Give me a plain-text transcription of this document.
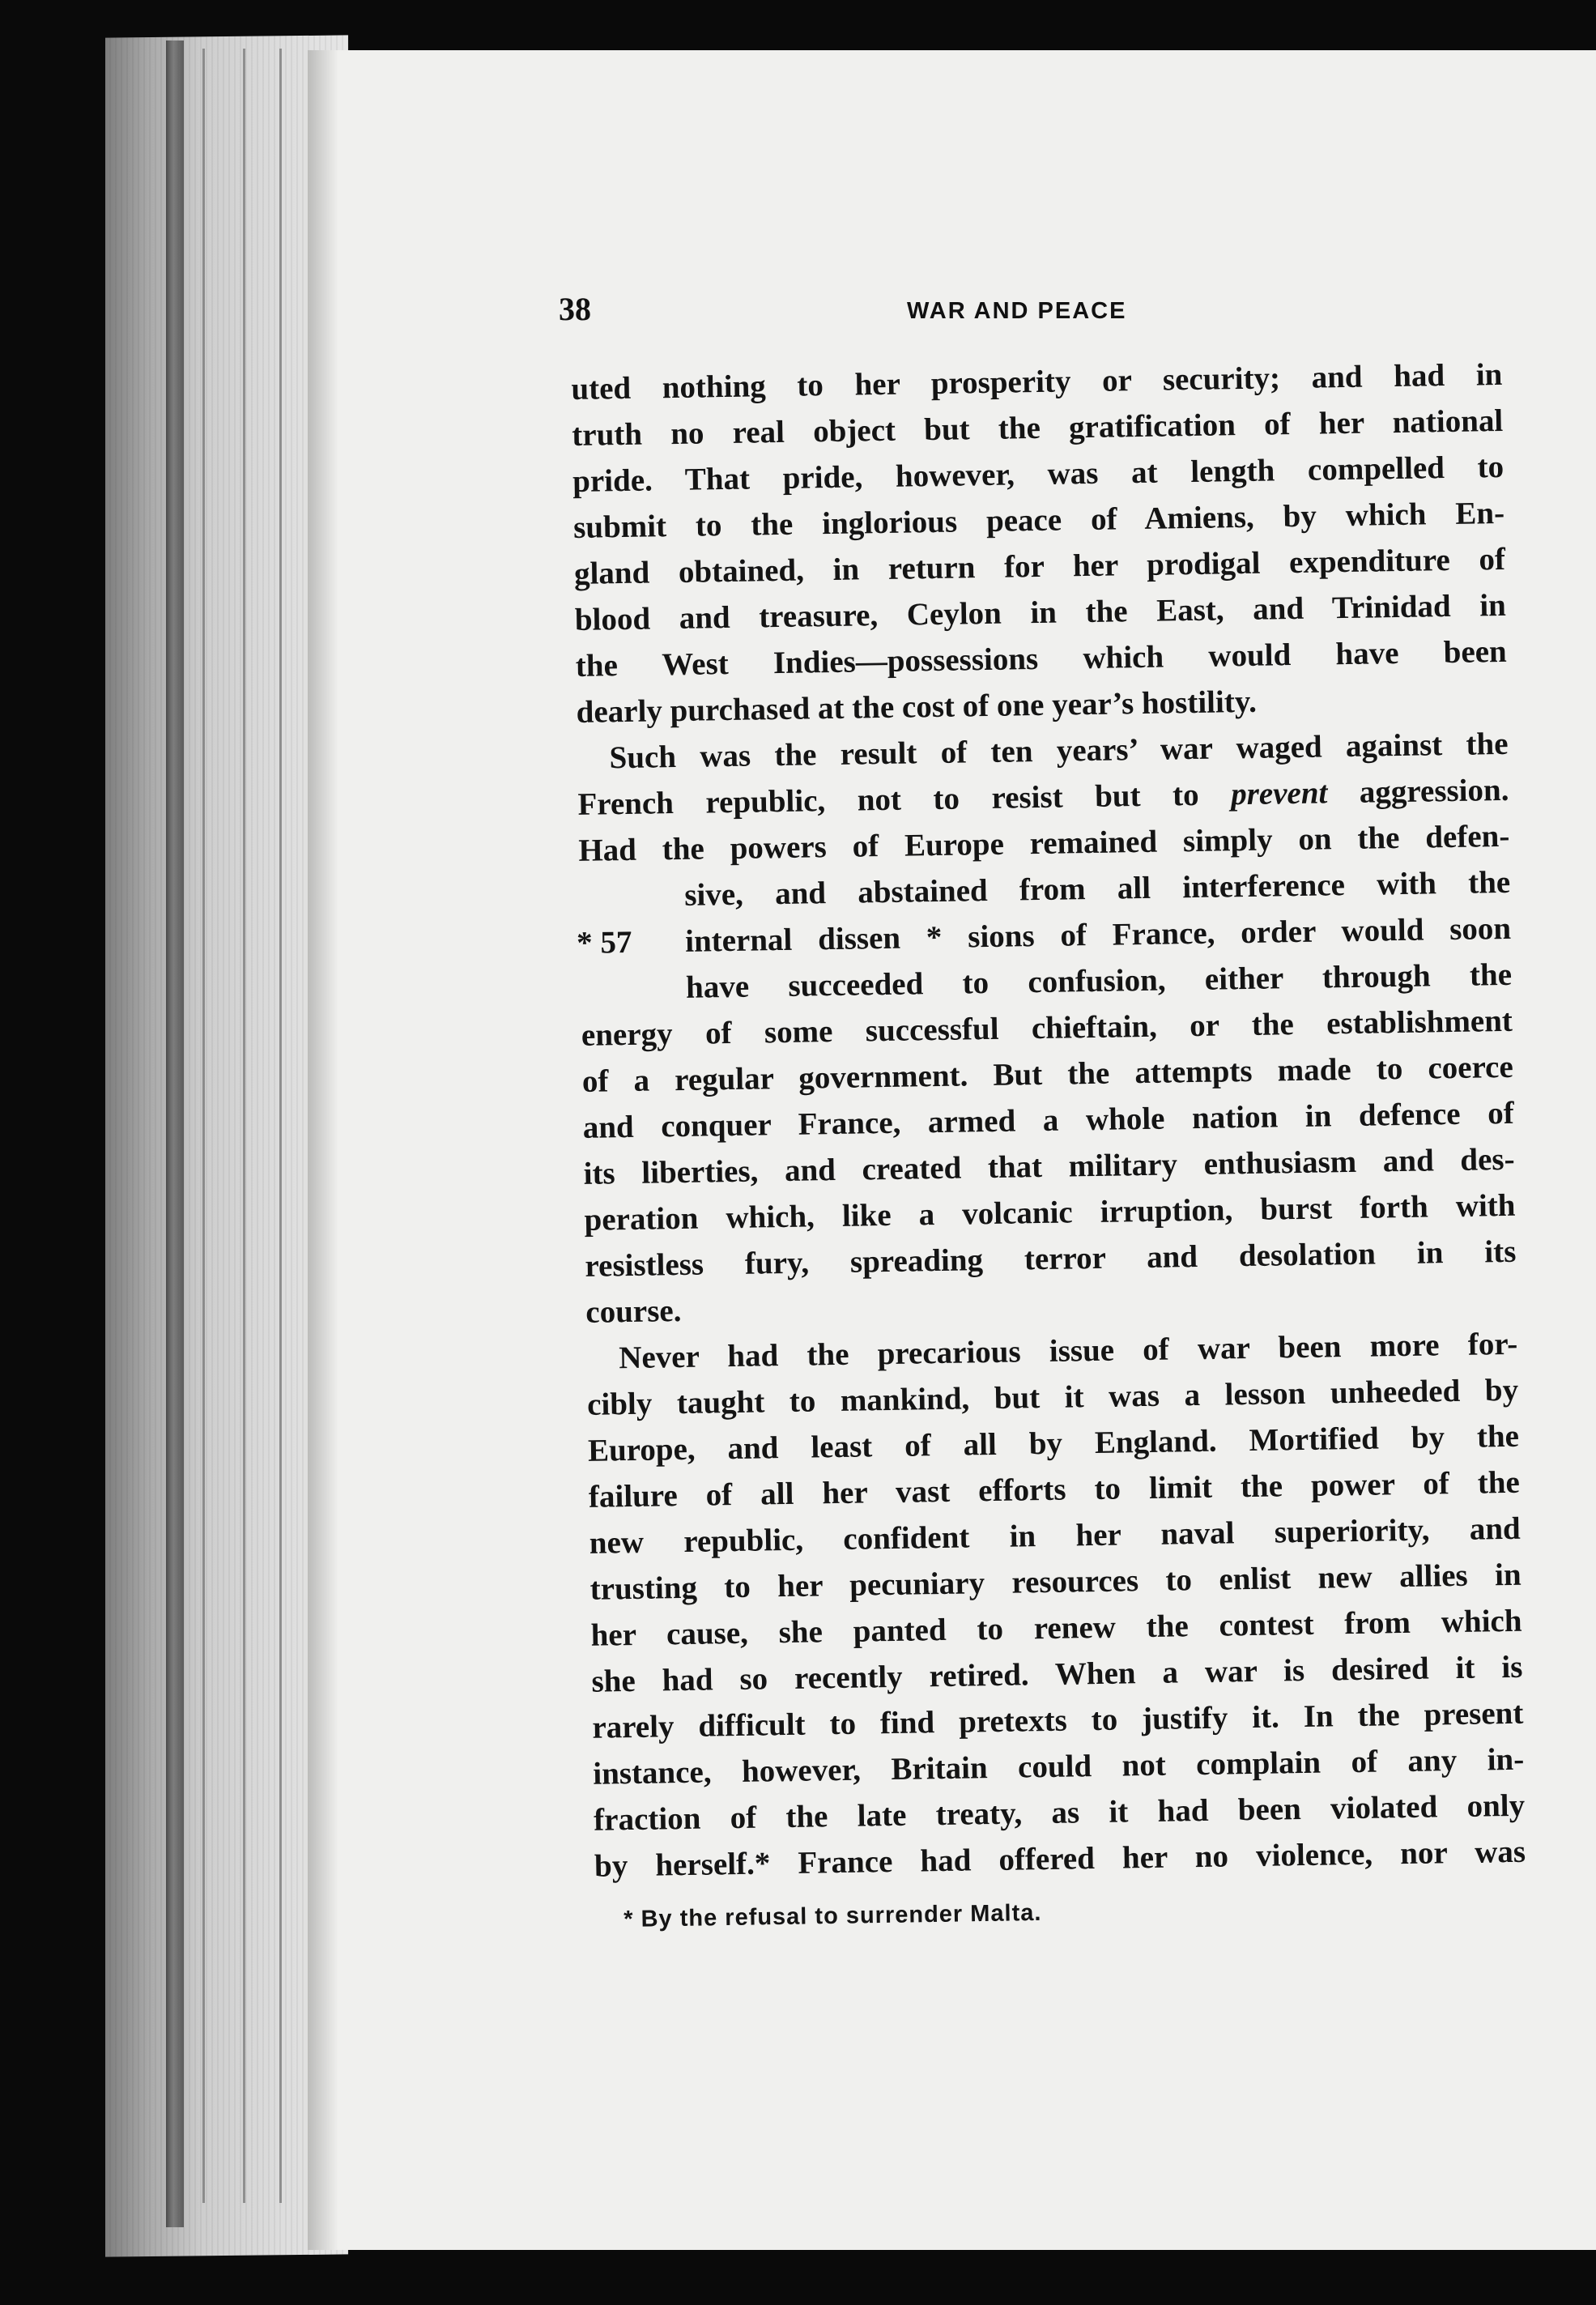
38	WAR AND PEACE
uted nothing to her prosperity or security; and had in
truth no real object but the gratification of her national
pride. That pride, however, was at length compelled to
submit to the inglorious peace of Amiens, by which En-
gland obtained, in return for her prodigal expenditure of
blood and treasure, Ceylon in the East, and Trinidad in
the West Indies—possessions which would have been
dearly purchased at the cost of one year’s hostility.
Such was the result of ten years’ war waged against the
French republic, not to resist but to prevent aggression.
Had the powers of Europe remained simply on the defen-
sive, and abstained from all interference with the
* 57 internal dissen * sions of France, order would soon
have succeeded to confusion, either through the
energy of some successful chieftain, or the establishment
of a regular government. But the attempts made to coerce
and conquer France, armed a whole nation in defence of
its liberties, and created that military enthusiasm and des-
peration which, like a volcanic irruption, burst forth with
resistless fury, spreading terror and desolation in its
course.
Never had the precarious issue of war been more for-
cibly taught to mankind, but it was a lesson unheeded by
Europe, and least of all by England. Mortified by the
failure of all her vast efforts to limit the power of the
new republic, confident in her naval superiority, and
trusting to her pecuniary resources to enlist new allies in
her cause, she panted to renew the contest from which
she had so recently retired. When a war is desired it is
rarely difficult to find pretexts to justify it. In the present
instance, however, Britain could not complain of any in-
fraction of the late treaty, as it had been violated only
by herself.* France had offered her no violence, nor was
* By the refusal to surrender Malta.
